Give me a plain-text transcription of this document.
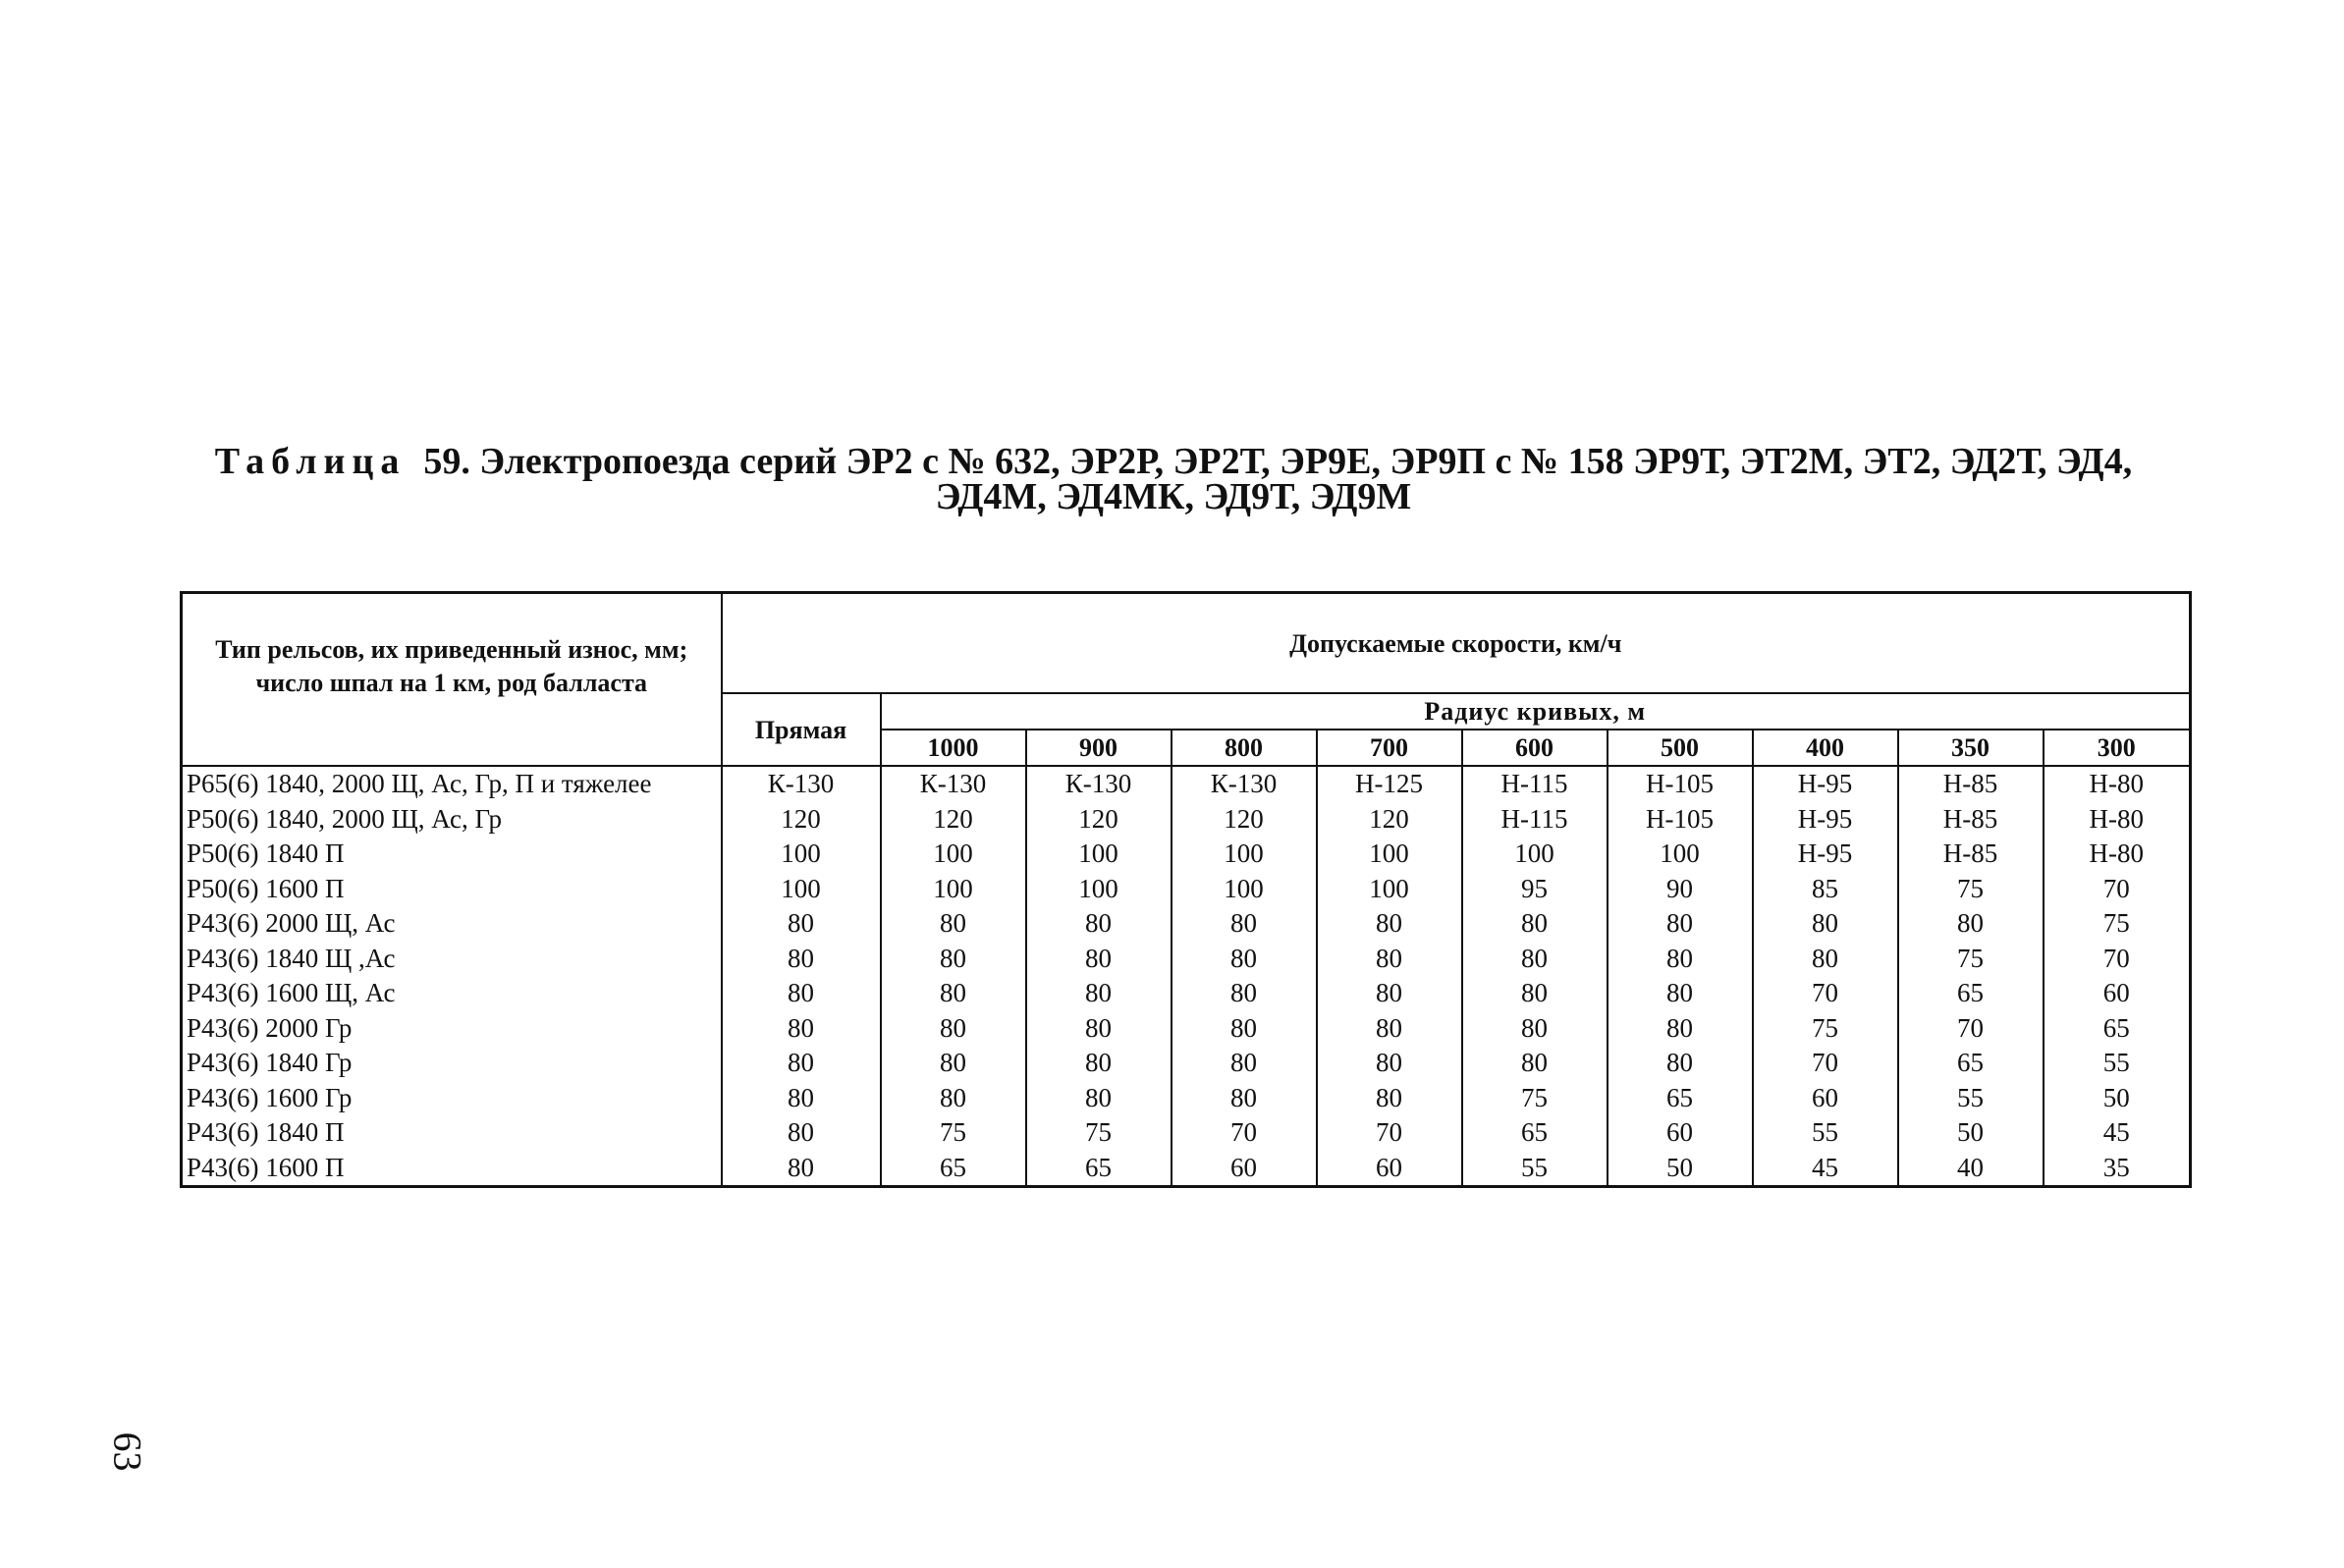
Таблица 59. Электропоезда серий ЭР2 с № 632, ЭР2Р, ЭР2Т, ЭР9Е, ЭР9П с № 158 ЭР9Т, ЭТ2М, ЭТ2, ЭД2Т, ЭД4,
ЭД4М, ЭД4МК, ЭД9Т, ЭД9М
Тип рельсов, их приведенный износ, мм; число шпал на 1 км, род балласта	Допускаемые скорости, км/ч									
	Прямая	Радиус кривых, м								
		1000	900	800	700	600	500	400	350	300
Р65(6) 1840, 2000 Щ, Ас, Гр, П и тяжелее	К-130	К-130	К-130	К-130	Н-125	Н-115	Н-105	Н-95	Н-85	Н-80
Р50(6) 1840, 2000 Щ, Ас, Гр	120	120	120	120	120	Н-115	Н-105	Н-95	Н-85	Н-80
Р50(6) 1840 П	100	100	100	100	100	100	100	Н-95	Н-85	Н-80
Р50(6) 1600 П	100	100	100	100	100	95	90	85	75	70
Р43(6) 2000 Щ, Ас	80	80	80	80	80	80	80	80	80	75
Р43(6) 1840 Щ ,Ас	80	80	80	80	80	80	80	80	75	70
Р43(6) 1600 Щ, Ас	80	80	80	80	80	80	80	70	65	60
Р43(6) 2000 Гр	80	80	80	80	80	80	80	75	70	65
Р43(6) 1840 Гр	80	80	80	80	80	80	80	70	65	55
Р43(6) 1600 Гр	80	80	80	80	80	75	65	60	55	50
Р43(6) 1840 П	80	75	75	70	70	65	60	55	50	45
Р43(6) 1600 П	80	65	65	60	60	55	50	45	40	35
63
